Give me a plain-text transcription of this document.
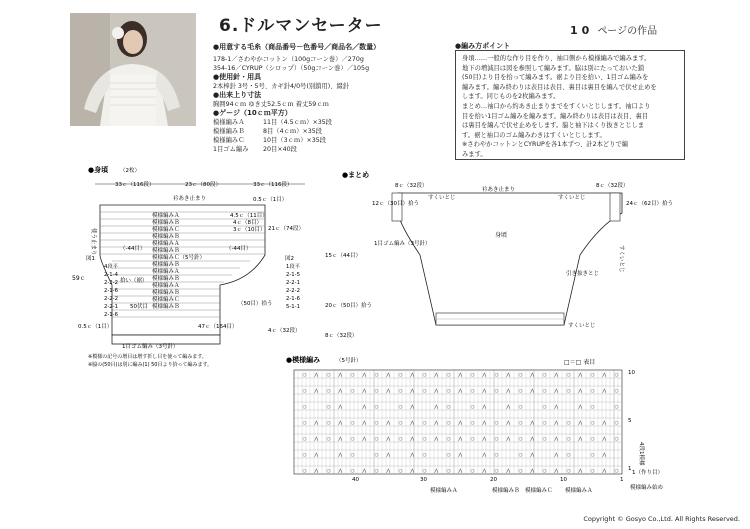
6.ドルマンセーター	10 ページの作品
●用意する毛糸（商品番号－色番号／商品名／数量）
178-1／さわやかコットン（100gコーン巻）／270g
354-16／CYRUP（シロップ）（50gコーン巻）／105g
●使用針・用具
2本棒針 3号・5号、カギ針4/0号(別鎖用)、綴針
●出来上り寸法
胸囲94ｃｍ ゆき丈52.5ｃｍ 着丈59ｃｍ
●ゲージ（10ｃｍ平方）
模様編みＡ	11目（4.5ｃｍ）×35段
模様編みＢ	8目（4ｃｍ）×35段
模様編みＣ	10目（3ｃｍ）×35段
1目ゴム編み	20目×40段
●編み方ポイント
身頃……一般的な作り目を作り、袖口側から模様編みで編みます。
地下の増減目は図を参照して編みます。脇は別にたっておいた鎖
(50目)より目を拾って編みます。裾より目を拾い、1目ゴム編みを
編みます。編み終わりは表目は表目、裏目は裏目を編んで伏せ止めを
します。同じものを2枚編みます。
まとめ…袖口から約あき止まりまでをすくいとじします。袖口より
目を拾い1目ゴム編みを編みます。編み終わりは表目は表目、裏目
は裏目を編んで伏せ止めをします。脇と袖下はくり抜きとじしま
す。裾と袖口のゴム編みわきはすくいとじします。
※さわやかコットンとCYRUPを各1本ずつ、計2本どりで編
みます。
●身頃 （2枚）
33ｃ（116段）	23ｃ（80段）	33ｃ（116段）
衿あき止まり	0.5ｃ（1目）
模様編みＡ
模様編みＢ
模様編みＣ
模様編みＢ
模様編みＡ
模様編みＢ
模様編みＣ（5号針）
模様編みＢ
模様編みＡ
模様編みＢ
模様編みＡ
模様編みＢ
模様編みＣ
模様編みＢ
4.5ｃ（11目）
4ｃ（8目）
3ｃ（10目） 21ｃ（74段）
（-44目）	（-44目）
図1	図2
47ｃ（164目）
0.5ｃ（1目）
（50目）拾う
50伏目
拾い（裾）
4ｃ（32段）
4段平
2-1-4
2-2-2
2-1-6
2-2-2
2-2-1
2-1-6
1段平
2-1-5
2-2-1
2-2-2
2-1-6
5-1-1
使う止まり
59ｃ
1目ゴム編み（3号針）
※模様の記号の増目は増す折し目を使って編みます。
※脇の(50目)は別に編み(1) 50目より拾って編みます。
●まとめ
8ｃ（32段）	8ｃ（32段）
衿あき止まり
すくいとじ	すくいとじ
身頃
1目ゴム編み（3号針）
12ｃ（30目）拾う	24ｃ（62目）拾う
引き抜きとじ
すくいとじ
15ｃ（44目）
20ｃ（50目）拾う
8ｃ（32段）
すくいとじ
●模様編み	（5号針）	□＝□ 表目
○ ⋀ ○ ⋀ ○ ⋀ ○ ⋀ ○ ⋀ ○ ⋀ ○ ⋀ ○ ⋀ ○ ⋀ ○ ⋀ ○ ⋀ ○ ⋀ ○ ⋀ ○
○ ⋀ ○ ⋀ ○ ⋀ ○ ⋀ ○ ⋀ ○ ⋀ ○ ⋀ ○ ⋀ ○ ⋀ ○ ⋀ ○ ⋀ ○ ⋀ ○ ⋀ ○
○	○ ⋀	⋀ ○	○ ⋀	⋀ ○	○ ⋀	⋀ ○	○ ⋀	⋀ ○	○
○ ⋀ ○ ⋀ ○ ⋀ ○ ⋀ ○ ⋀ ○ ⋀ ○ ⋀ ○ ⋀ ○ ⋀ ○ ⋀ ○ ⋀ ○ ⋀ ○ ⋀ ○
○ ⋀ ○ ⋀ ○ ⋀ ○ ⋀ ○ ⋀ ○ ⋀ ○ ⋀ ○ ⋀ ○ ⋀ ○ ⋀ ○ ⋀ ○ ⋀ ○ ⋀ ○
○ ⋀	⋀ ○	○ ⋀	⋀ ○	○ ⋀	⋀ ○	○ ⋀	⋀ ○	○ ⋀
○ ⋀ ○ ⋀ ○ ⋀ ○ ⋀ ○ ⋀ ○ ⋀ ○ ⋀ ○ ⋀ ○ ⋀ ○ ⋀ ○ ⋀ ○ ⋀ ○ ⋀ ○
40	30	20	10	1
10
5
1
模様編みＡ	模様編みＢ 模様編みＣ 模様編みＡ	模様編み始め
4段1模様
1（作り目）
Copyright © Gosyo Co.,Ltd. All Rights Reserved.
